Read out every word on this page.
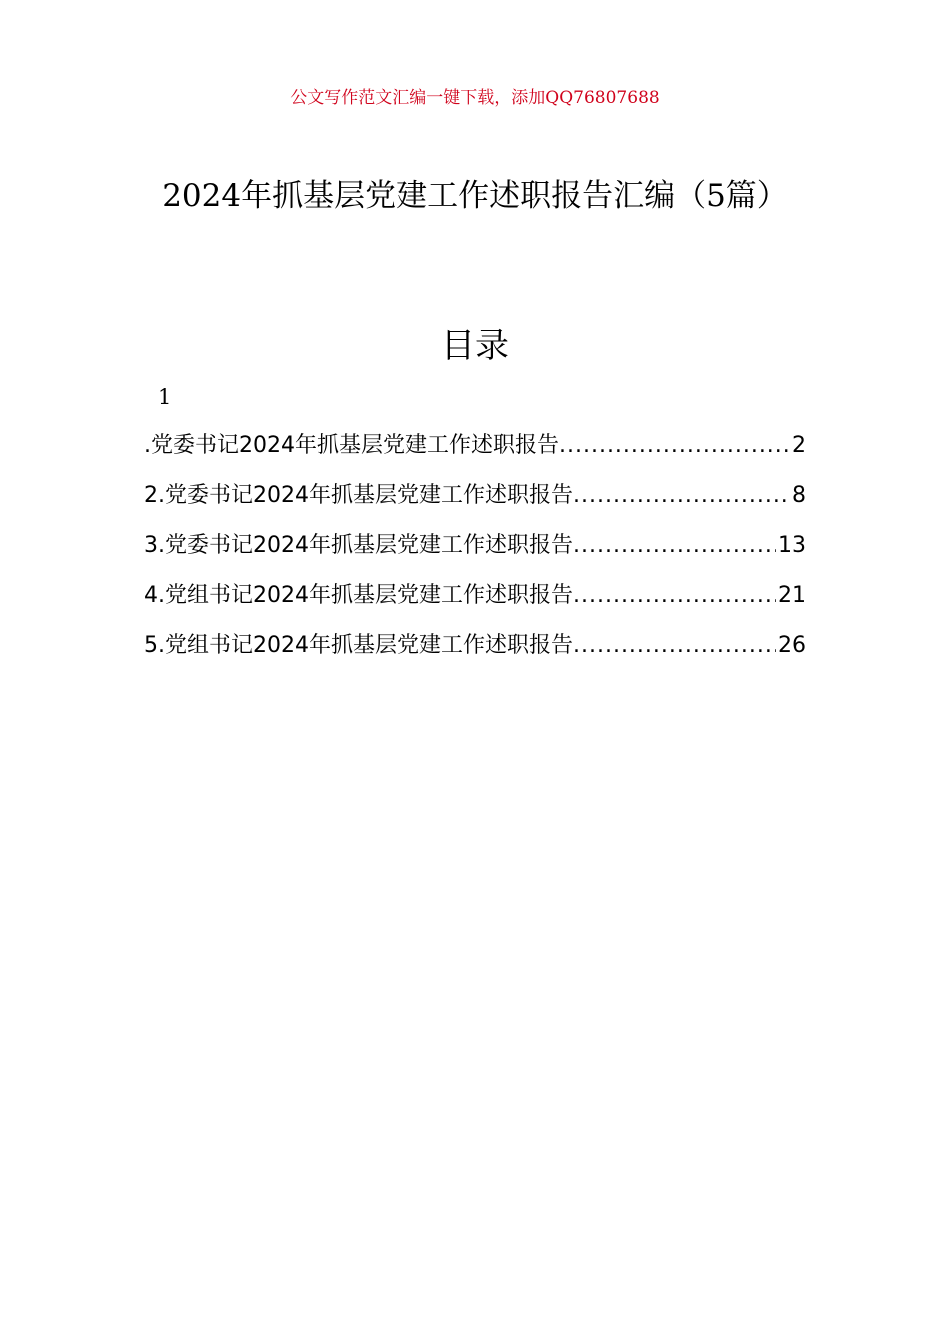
公文写作范文汇编一键下载，添加QQ76807688
2024年抓基层党建工作述职报告汇编（5篇）
目录
1
.党委书记2024年抓基层党建工作述职报告 .....	2
2.党委书记2024年抓基层党建工作述职报告 .....	8
3.党委书记2024年抓基层党建工作述职报告 .....	13
4.党组书记2024年抓基层党建工作述职报告 .....	21
5.党组书记2024年抓基层党建工作述职报告 .....	26
